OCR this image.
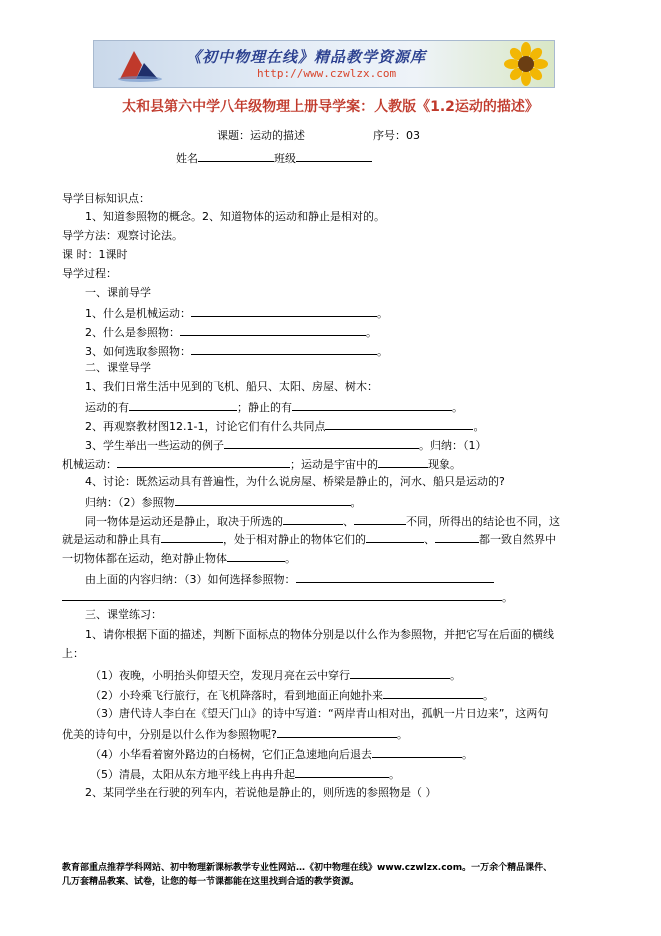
《初中物理在线》精品教学资源库
http://www.czwlzx.com
太和县第六中学八年级物理上册导学案：人教版《1.2运动的描述》
课题：运动的描述	序号：03
姓名	班级
导学目标知识点：
1、知道参照物的概念。2、知道物体的运动和静止是相对的。
导学方法：观察讨论法。
课 时：1课时
导学过程：
一、课前导学
1、什么是机械运动：	。
2、什么是参照物：	。
3、如何选取参照物：	。
二、课堂导学
1、我们日常生活中见到的飞机、船只、太阳、房屋、树木：
运动的有	；静止的有	。
2、再观察教材图12.1-1，讨论它们有什么共同点	。
3、学生举出一些运动的例子	。归纳：（1）
机械运动：	；运动是宇宙中的	现象。
4、讨论：既然运动具有普遍性，为什么说房屋、桥梁是静止的，河水、船只是运动的?
归纳：（2）参照物	。
同一物体是运动还是静止，取决于所选的	、	不同，所得出的结论也不同，这
就是运动和静止具有	，处于相对静止的物体它们的	、	都一致自然界中
一切物体都在运动，绝对静止物体	。
由上面的内容归纳：（3）如何选择参照物：
。
三、课堂练习：
1、请你根据下面的描述，判断下面标点的物体分别是以什么作为参照物，并把它写在后面的横线
上：
（1）夜晚，小明抬头仰望天空，发现月亮在云中穿行	。
（2）小玲乘飞行旅行，在飞机降落时，看到地面正向她扑来	。
（3）唐代诗人李白在《望天门山》的诗中写道：“两岸青山相对出，孤帆一片日边来”，这两句
优美的诗句中，分别是以什么作为参照物呢?	。
（4）小华看着窗外路边的白杨树，它们正急速地向后退去	。
（5）清晨，太阳从东方地平线上冉冉升起	。
2、某同学坐在行驶的列车内，若说他是静止的，则所选的参照物是（ ）
教育部重点推荐学科网站、初中物理新课标教学专业性网站…《初中物理在线》www.czwlzx.com。一万余个精品课件、
几万套精品教案、试卷，让您的每一节课都能在这里找到合适的教学资源。
